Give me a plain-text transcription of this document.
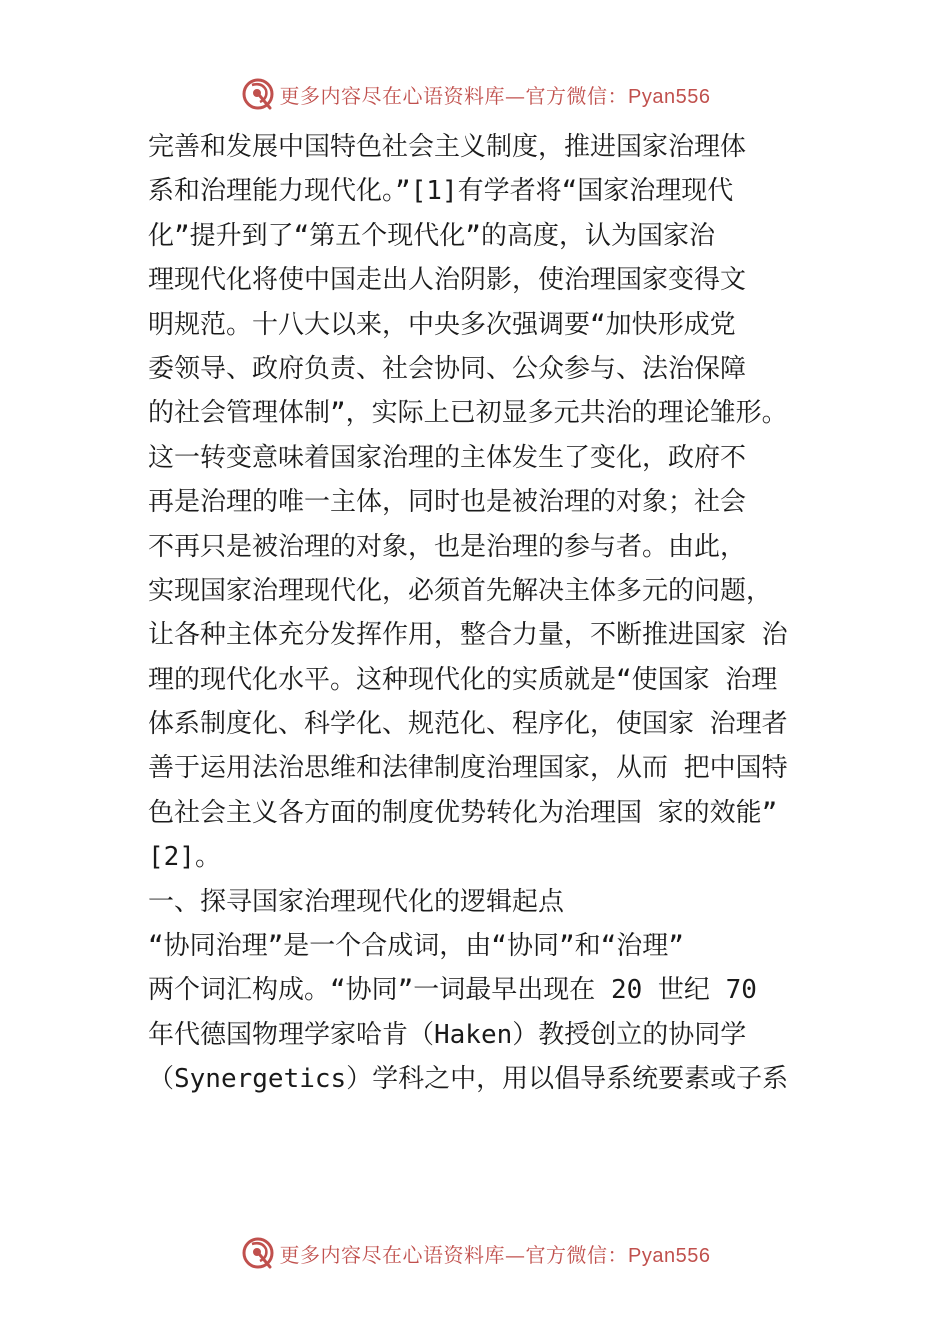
更多内容尽在心语资料库—官方微信：Pyan556
完善和发展中国特色社会主义制度，推进国家治理体
系和治理能力现代化。”[1]有学者将“国家治理现代
化”提升到了“第五个现代化”的高度，认为国家治
理现代化将使中国走出人治阴影，使治理国家变得文
明规范。十八大以来，中央多次强调要“加快形成党
委领导、政府负责、社会协同、公众参与、法治保障
的社会管理体制”，实际上已初显多元共治的理论雏形。
这一转变意味着国家治理的主体发生了变化，政府不
再是治理的唯一主体，同时也是被治理的对象；社会
不再只是被治理的对象，也是治理的参与者。由此，
实现国家治理现代化，必须首先解决主体多元的问题，
让各种主体充分发挥作用，整合力量，不断推进国家 治
理的现代化水平。这种现代化的实质就是“使国家 治理
体系制度化、科学化、规范化、程序化，使国家 治理者
善于运用法治思维和法律制度治理国家，从而 把中国特
色社会主义各方面的制度优势转化为治理国 家的效能”
[2]。
一、探寻国家治理现代化的逻辑起点
“协同治理”是一个合成词，由“协同”和“治理”
两个词汇构成。“协同”一词最早出现在 20 世纪 70
年代德国物理学家哈肯（Haken）教授创立的协同学
（Synergetics）学科之中，用以倡导系统要素或子系
更多内容尽在心语资料库—官方微信：Pyan556
